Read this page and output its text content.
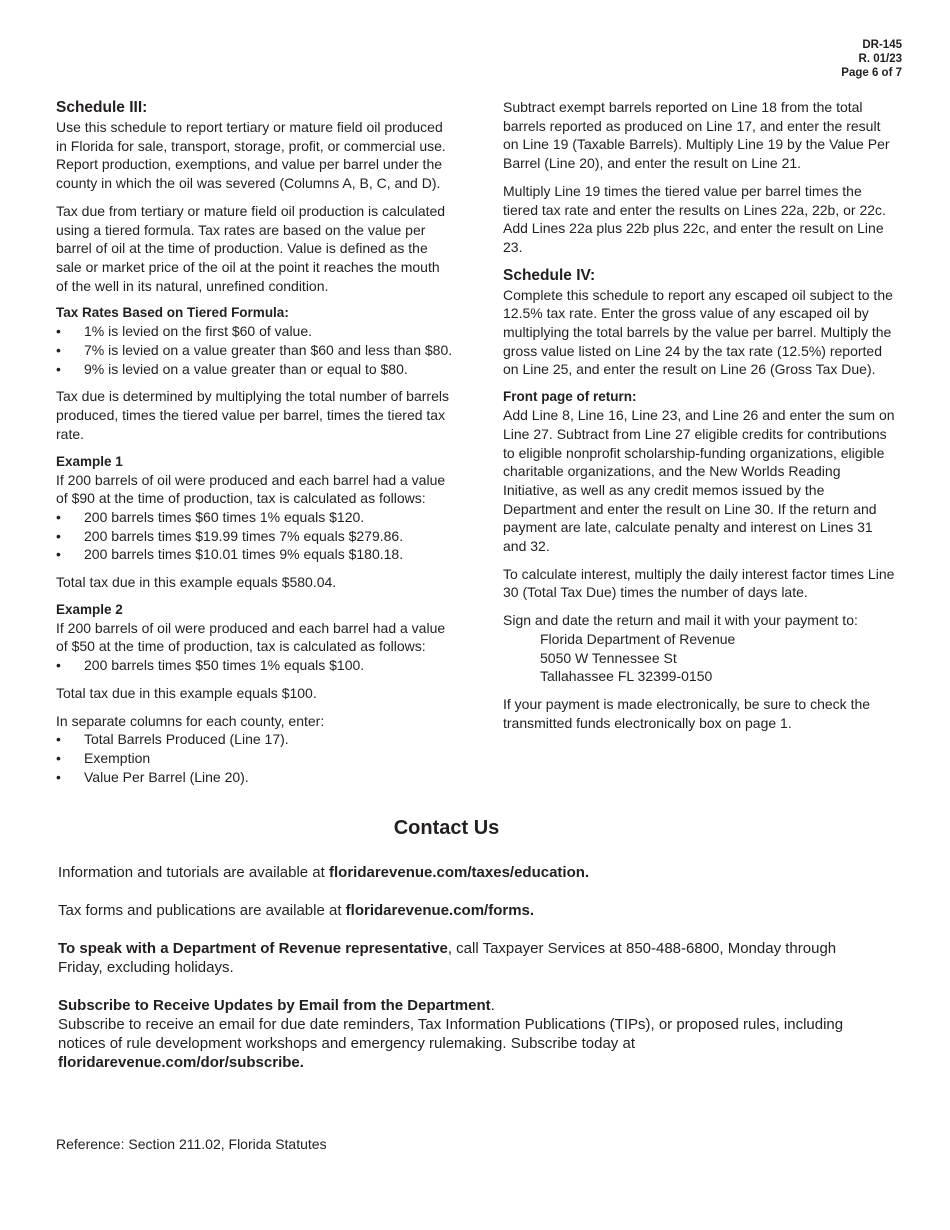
DR-145
R. 01/23
Page 6 of 7
Schedule III:

Use this schedule to report tertiary or mature field oil produced in Florida for sale, transport, storage, profit, or commercial use. Report production, exemptions, and value per barrel under the county in which the oil was severed (Columns A, B, C, and D).

Tax due from tertiary or mature field oil production is calculated using a tiered formula. Tax rates are based on the value per barrel of oil at the time of production. Value is defined as the sale or market price of the oil at the point it reaches the mouth of the well in its natural, unrefined condition.

Tax Rates Based on Tiered Formula:
• 1% is levied on the first $60 of value.
• 7% is levied on a value greater than $60 and less than $80.
• 9% is levied on a value greater than or equal to $80.

Tax due is determined by multiplying the total number of barrels produced, times the tiered value per barrel, times the tiered tax rate.

Example 1
If 200 barrels of oil were produced and each barrel had a value of $90 at the time of production, tax is calculated as follows:
• 200 barrels times $60 times 1% equals $120.
• 200 barrels times $19.99 times 7% equals $279.86.
• 200 barrels times $10.01 times 9% equals $180.18.

Total tax due in this example equals $580.04.

Example 2
If 200 barrels of oil were produced and each barrel had a value of $50 at the time of production, tax is calculated as follows:
• 200 barrels times $50 times 1% equals $100.

Total tax due in this example equals $100.

In separate columns for each county, enter:
• Total Barrels Produced (Line 17).
• Exemption
• Value Per Barrel (Line 20).

Subtract exempt barrels reported on Line 18 from the total barrels reported as produced on Line 17, and enter the result on Line 19 (Taxable Barrels). Multiply Line 19 by the Value Per Barrel (Line 20), and enter the result on Line 21.

Multiply Line 19 times the tiered value per barrel times the tiered tax rate and enter the results on Lines 22a, 22b, or 22c. Add Lines 22a plus 22b plus 22c, and enter the result on Line 23.

Schedule IV:

Complete this schedule to report any escaped oil subject to the 12.5% tax rate. Enter the gross value of any escaped oil by multiplying the total barrels by the value per barrel. Multiply the gross value listed on Line 24 by the tax rate (12.5%) reported on Line 25, and enter the result on Line 26 (Gross Tax Due).

Front page of return:

Add Line 8, Line 16, Line 23, and Line 26 and enter the sum on Line 27. Subtract from Line 27 eligible credits for contributions to eligible nonprofit scholarship-funding organizations, eligible charitable organizations, and the New Worlds Reading Initiative, as well as any credit memos issued by the Department and enter the result on Line 30. If the return and payment are late, calculate penalty and interest on Lines 31 and 32.

To calculate interest, multiply the daily interest factor times Line 30 (Total Tax Due) times the number of days late.

Sign and date the return and mail it with your payment to:
Florida Department of Revenue
5050 W Tennessee St
Tallahassee FL 32399-0150

If your payment is made electronically, be sure to check the transmitted funds electronically box on page 1.

Contact Us

Information and tutorials are available at floridarevenue.com/taxes/education.

Tax forms and publications are available at floridarevenue.com/forms.

To speak with a Department of Revenue representative, call Taxpayer Services at 850-488-6800, Monday through Friday, excluding holidays.

Subscribe to Receive Updates by Email from the Department.
Subscribe to receive an email for due date reminders, Tax Information Publications (TIPs), or proposed rules, including notices of rule development workshops and emergency rulemaking. Subscribe today at
floridarevenue.com/dor/subscribe.

Reference: Section 211.02, Florida Statutes
